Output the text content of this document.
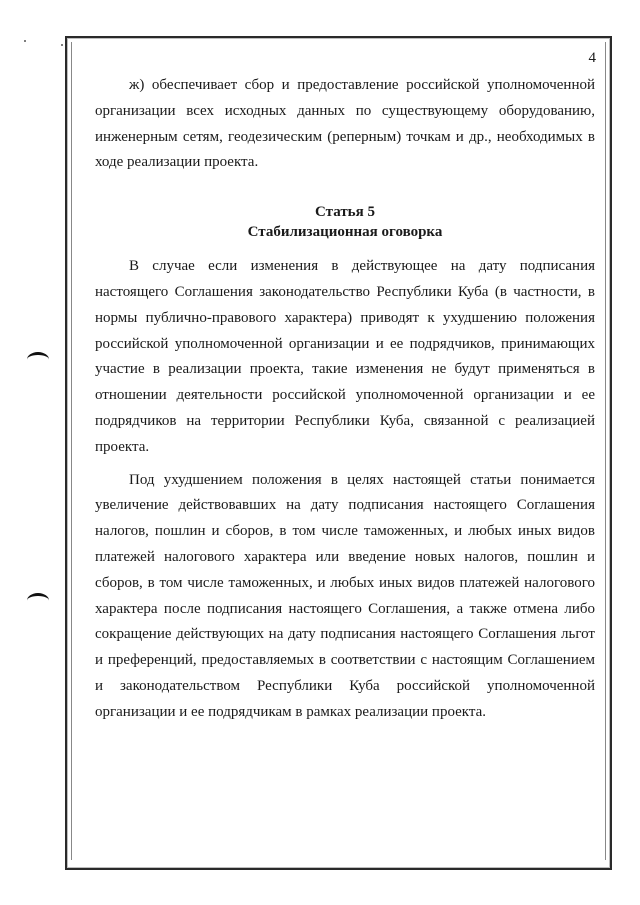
4

ж) обеспечивает сбор и предоставление российской уполномоченной организации всех исходных данных по существующему оборудованию, инженерным сетям, геодезическим (реперным) точкам и др., необходимых в ходе реализации проекта.

Статья 5
Стабилизационная оговорка

В случае если изменения в действующее на дату подписания настоящего Соглашения законодательство Республики Куба (в частности, в нормы публично-правового характера) приводят к ухудшению положения российской уполномоченной организации и ее подрядчиков, принимающих участие в реализации проекта, такие изменения не будут применяться в отношении деятельности российской уполномоченной организации и ее подрядчиков на территории Республики Куба, связанной с реализацией проекта.

Под ухудшением положения в целях настоящей статьи понимается увеличение действовавших на дату подписания настоящего Соглашения налогов, пошлин и сборов, в том числе таможенных, и любых иных видов платежей налогового характера или введение новых налогов, пошлин и сборов, в том числе таможенных, и любых иных видов платежей налогового характера после подписания настоящего Соглашения, а также отмена либо сокращение действующих на дату подписания настоящего Соглашения льгот и преференций, предоставляемых в соответствии с настоящим Соглашением и законодательством Республики Куба российской уполномоченной организации и ее подрядчикам в рамках реализации проекта.
